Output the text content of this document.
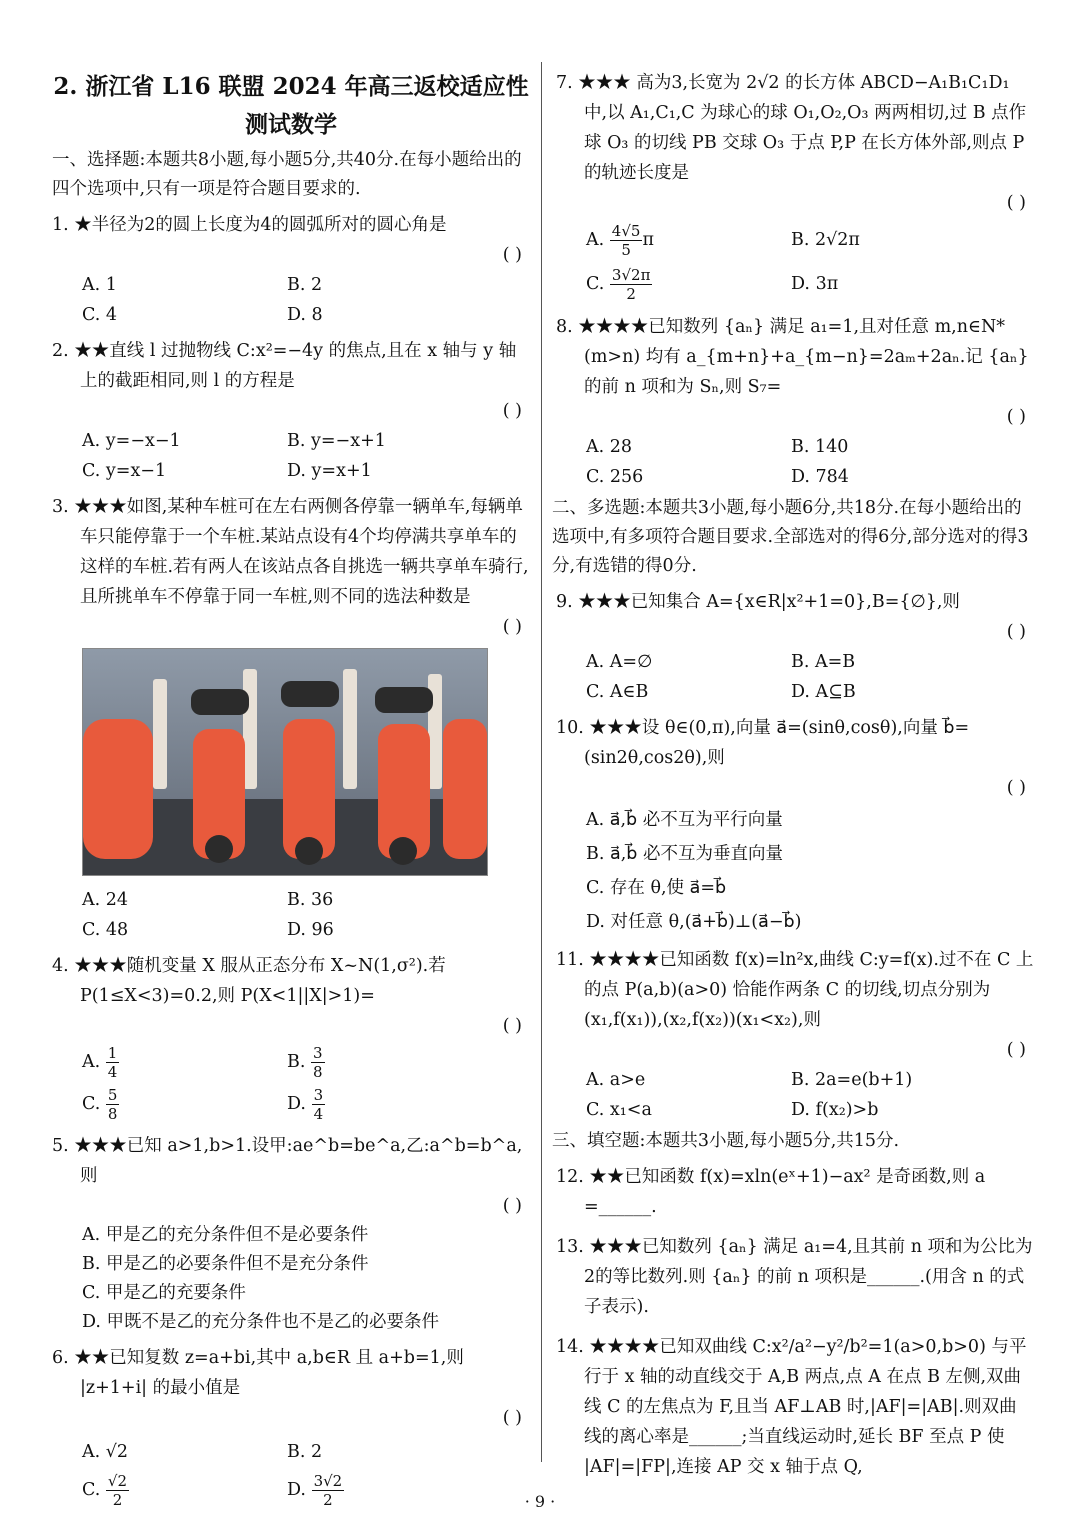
2. 浙江省 L16 联盟 2024 年高三返校适应性
测试数学
一、选择题:本题共8小题,每小题5分,共40分.在每小题给出的四个选项中,只有一项是符合题目要求的.
1. ★半径为2的圆上长度为4的圆弧所对的圆心角是
( )
A. 1	B. 2
C. 4	D. 8
2. ★★直线 l 过抛物线 C:x²=−4y 的焦点,且在 x 轴与 y 轴上的截距相同,则 l 的方程是
( )
A. y=−x−1	B. y=−x+1
C. y=x−1	D. y=x+1
3. ★★★如图,某种车桩可在左右两侧各停靠一辆单车,每辆单车只能停靠于一个车桩.某站点设有4个均停满共享单车的这样的车桩.若有两人在该站点各自挑选一辆共享单车骑行,且所挑单车不停靠于同一车桩,则不同的选法种数是
( )
A. 24	B. 36
C. 48	D. 96
4. ★★★随机变量 X 服从正态分布 X~N(1,σ²).若 P(1≤X<3)=0.2,则 P(X<1||X|>1)=
( )
A. $\frac{1}{4}$	B. $\frac{3}{8}$
C. $\frac{5}{8}$	D. $\frac{3}{4}$
5. ★★★已知 a>1,b>1.设甲:ae^b=be^a,乙:a^b=b^a,则
( )
A. 甲是乙的充分条件但不是必要条件
B. 甲是乙的必要条件但不是充分条件
C. 甲是乙的充要条件
D. 甲既不是乙的充分条件也不是乙的必要条件
6. ★★已知复数 z=a+bi,其中 a,b∈R 且 a+b=1,则 |z+1+i| 的最小值是
( )
A. √2	B. 2
C. $\frac{√2}{2}$	D. $\frac{3√2}{2}$
7. ★★★ 高为3,长宽为 2√2 的长方体 ABCD−A₁B₁C₁D₁ 中,以 A₁,C₁,C 为球心的球 O₁,O₂,O₃ 两两相切,过 B 点作球 O₃ 的切线 PB 交球 O₃ 于点 P,P 在长方体外部,则点 P 的轨迹长度是
( )
A. $\frac{4√5}{5}$ π	B. 2√2π
C. $\frac{3√2\pi}{2}$	D. 3π
8. ★★★★已知数列 {aₙ} 满足 a₁=1,且对任意 m,n∈N*(m>n) 均有 a_{m+n}+a_{m−n}=2aₘ+2aₙ.记 {aₙ} 的前 n 项和为 Sₙ,则 S₇=
( )
A. 28	B. 140
C. 256	D. 784
二、多选题:本题共3小题,每小题6分,共18分.在每小题给出的选项中,有多项符合题目要求.全部选对的得6分,部分选对的得3分,有选错的得0分.
9. ★★★已知集合 A={x∈R|x²+1=0},B={∅},则
( )
A. A=∅	B. A=B
C. A∈B	D. A⊆B
10. ★★★设 θ∈(0,π),向量 a⃗=(sinθ,cosθ),向量 b⃗=(sin2θ,cos2θ),则
( )
A. a⃗,b⃗ 必不互为平行向量
B. a⃗,b⃗ 必不互为垂直向量
C. 存在 θ,使 a⃗=b⃗
D. 对任意 θ,(a⃗+b⃗)⊥(a⃗−b⃗)
11. ★★★★已知函数 f(x)=ln²x,曲线 C:y=f(x).过不在 C 上的点 P(a,b)(a>0) 恰能作两条 C 的切线,切点分别为 (x₁,f(x₁)),(x₂,f(x₂))(x₁<x₂),则
( )
A. a>e	B. 2a=e(b+1)
C. x₁<a	D. f(x₂)>b
三、填空题:本题共3小题,每小题5分,共15分.
12. ★★已知函数 f(x)=xln(eˣ+1)−ax² 是奇函数,则 a =______.
13. ★★★已知数列 {aₙ} 满足 a₁=4,且其前 n 项和为公比为2的等比数列.则 {aₙ} 的前 n 项积是______.(用含 n 的式子表示).
14. ★★★★已知双曲线 C:x²/a²−y²/b²=1(a>0,b>0) 与平行于 x 轴的动直线交于 A,B 两点,点 A 在点 B 左侧,双曲线 C 的左焦点为 F,且当 AF⊥AB 时,|AF|=|AB|.则双曲线的离心率是______;当直线运动时,延长 BF 至点 P 使 |AF|=|FP|,连接 AP 交 x 轴于点 Q,
· 9 ·
